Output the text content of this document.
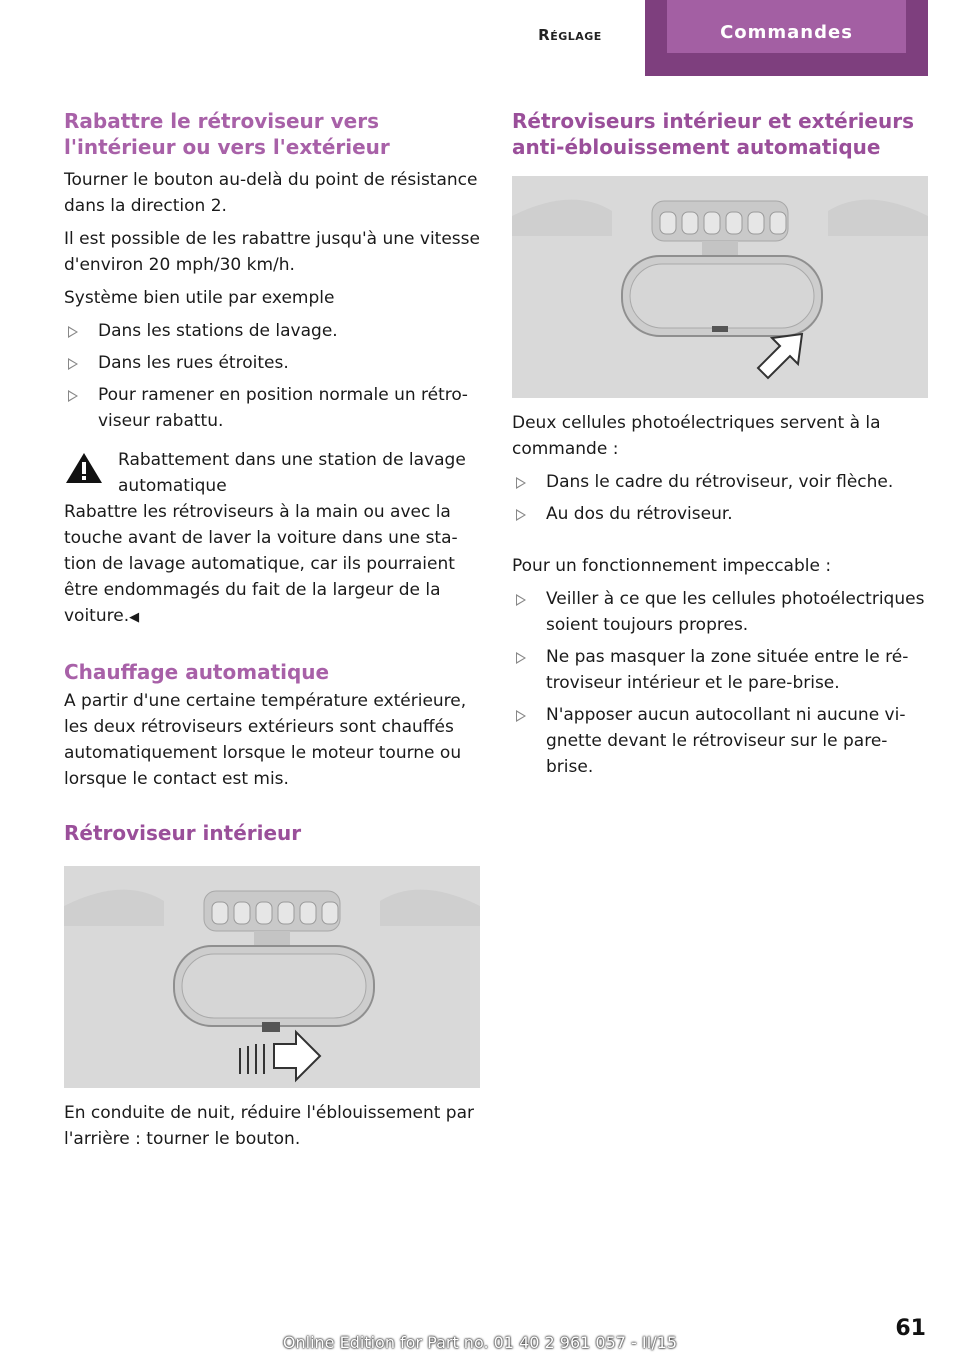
Réglage	Commandes
Rabattre le rétroviseur vers l'intérieur ou vers l'extérieur

Tourner le bouton au-delà du point de résistance dans la direction 2.

Il est possible de les rabattre jusqu'à une vitesse d'environ 20 mph/30 km/h.

Système bien utile par exemple

Dans les stations de lavage.
Dans les rues étroites.
Pour ramener en position normale un rétroviseur rabattu.

Rabattement dans une station de lavage automatique

Rabattre les rétroviseurs à la main ou avec la touche avant de laver la voiture dans une station de lavage automatique, car ils pourraient être endommagés du fait de la largeur de la voiture.◀

Chauffage automatique

A partir d'une certaine température extérieure, les deux rétroviseurs extérieurs sont chauffés automatiquement lorsque le moteur tourne ou lorsque le contact est mis.

Rétroviseur intérieur

En conduite de nuit, réduire l'éblouissement par l'arrière : tourner le bouton.

Rétroviseurs intérieur et extérieurs anti-éblouissement automatique

Deux cellules photoélectriques servent à la commande :

Dans le cadre du rétroviseur, voir flèche.
Au dos du rétroviseur.

Pour un fonctionnement impeccable :

Veiller à ce que les cellules photoélectriques soient toujours propres.
Ne pas masquer la zone située entre le rétroviseur intérieur et le pare-brise.
N'apposer aucun autocollant ni aucune vignette devant le rétroviseur sur le pare-brise.
61
Online Edition for Part no. 01 40 2 961 057 - II/15
